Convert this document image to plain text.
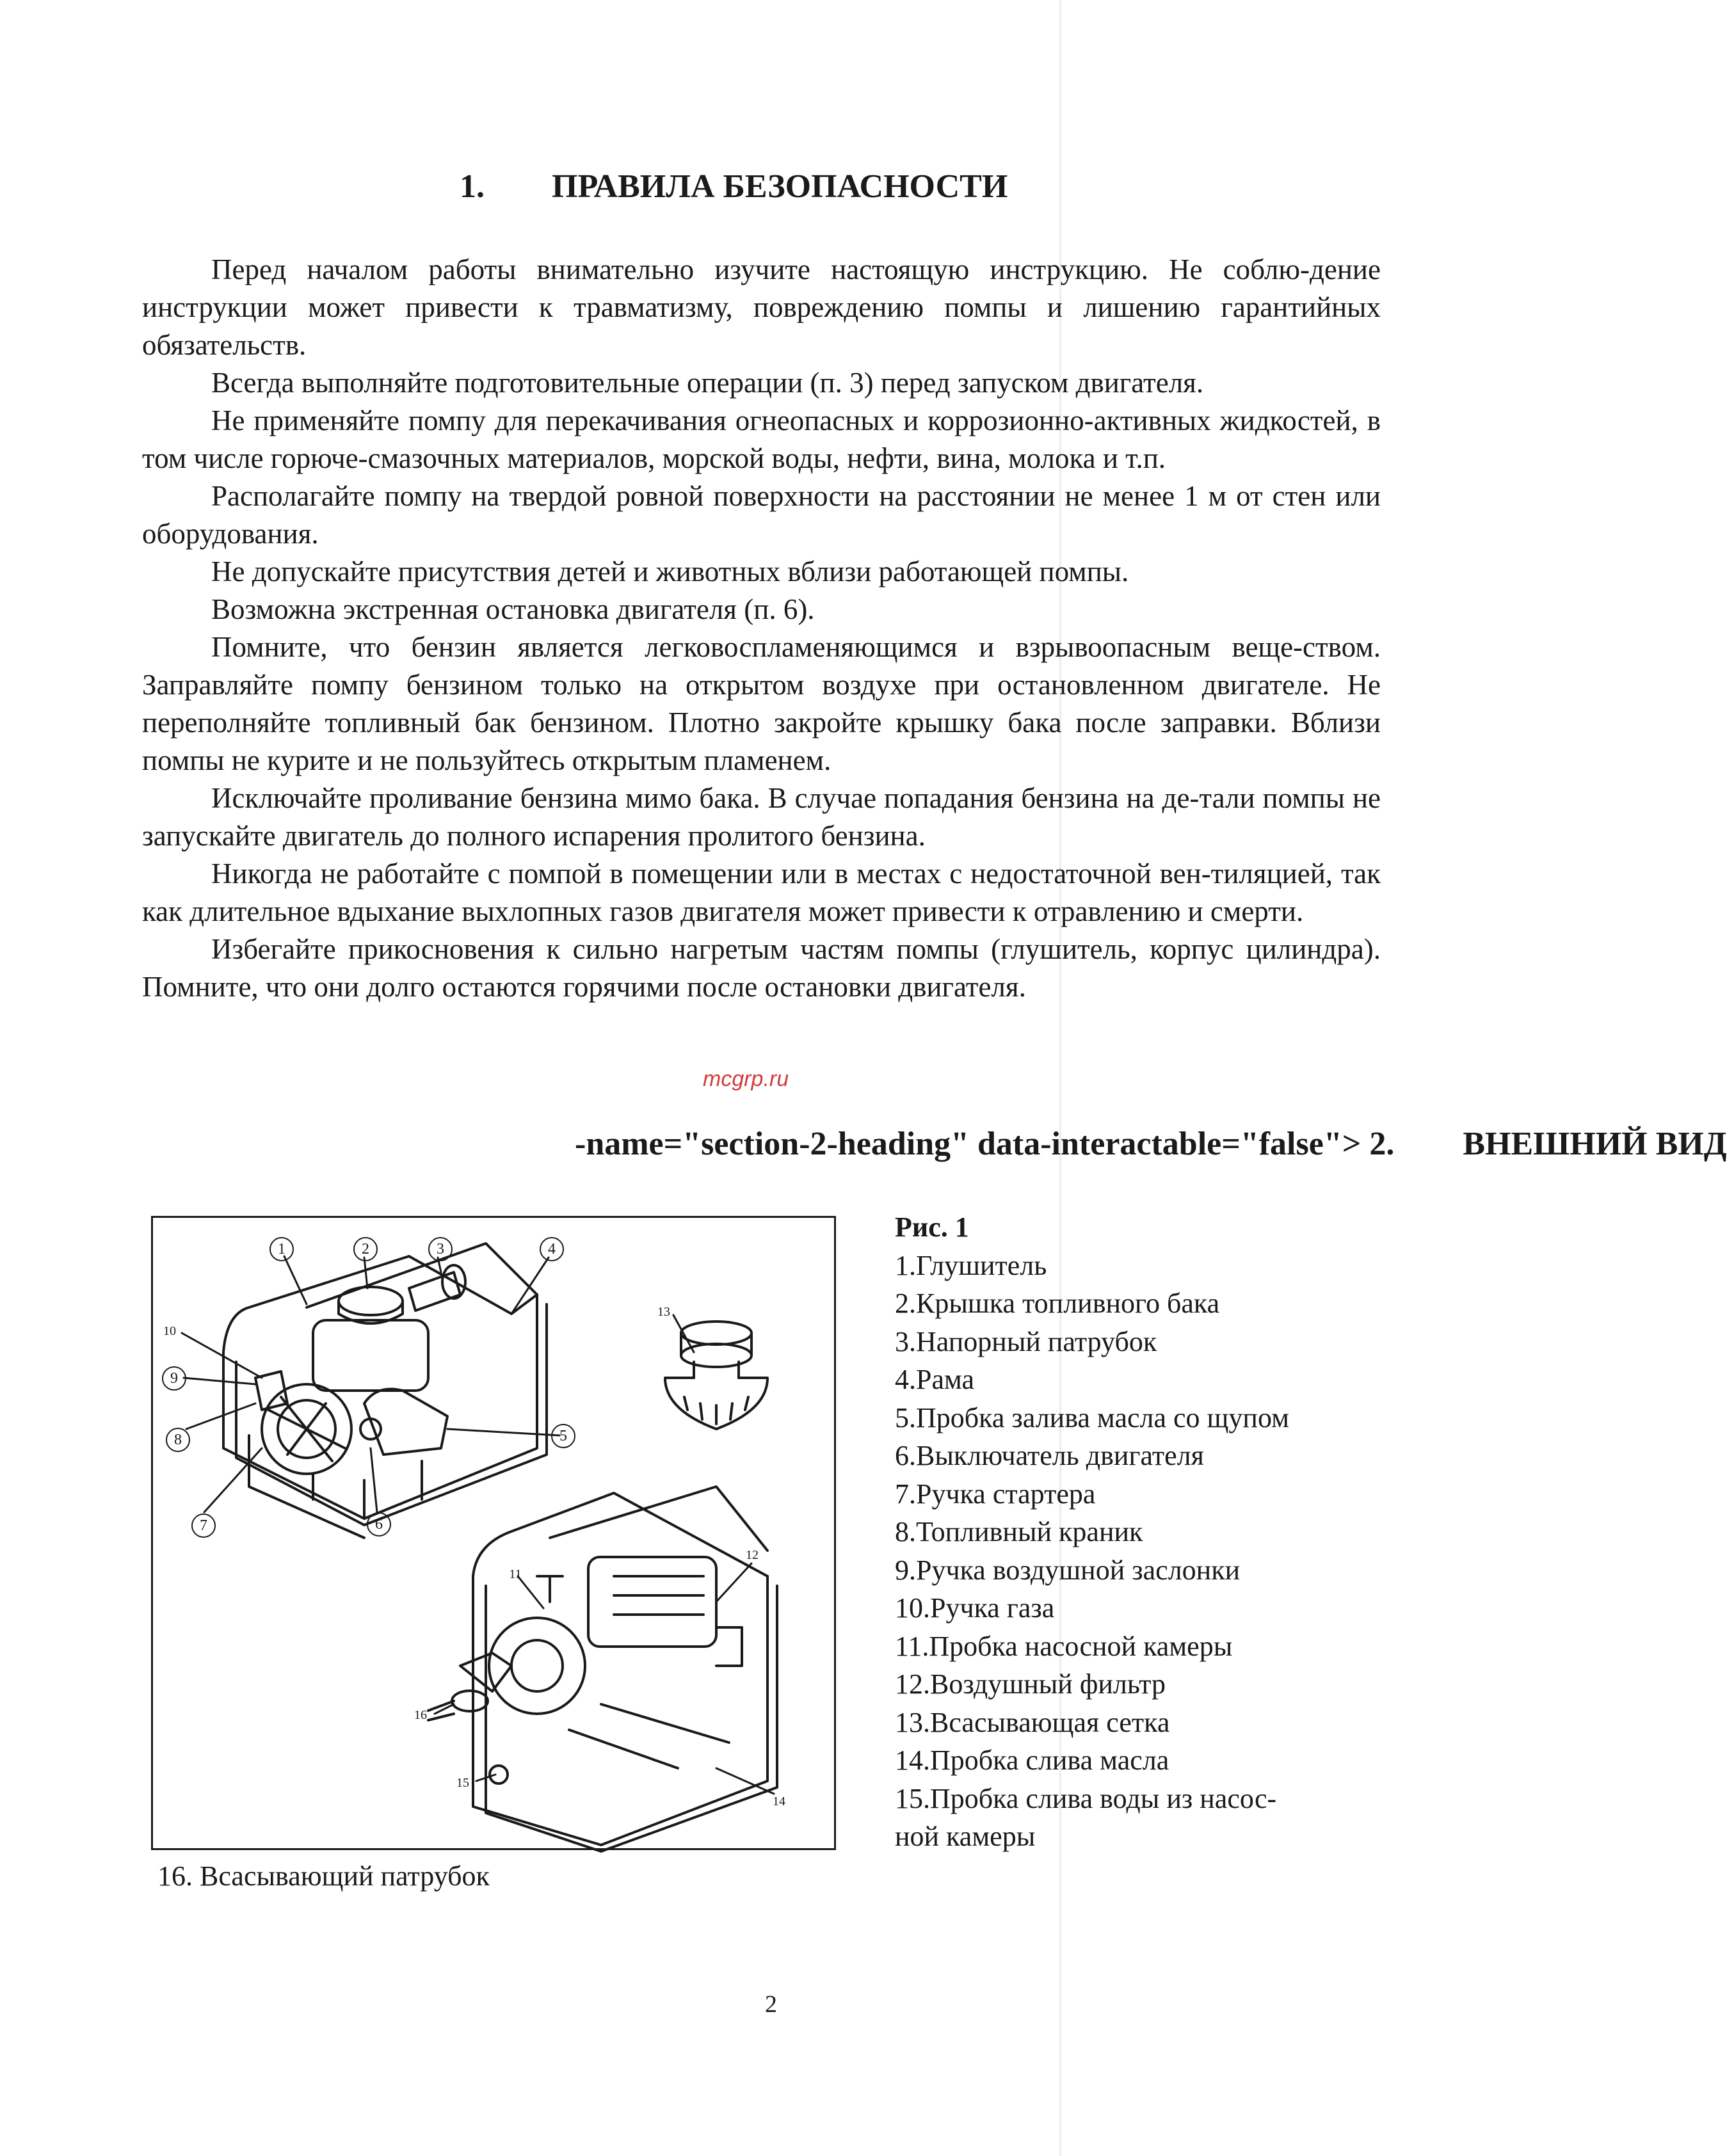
1. ПРАВИЛА БЕЗОПАСНОСТИ

Перед началом работы внимательно изучите настоящую инструкцию. Не соблю-дение инструкции может привести к травматизму, повреждению помпы и лишению гарантийных обязательств.

Всегда выполняйте подготовительные операции (п. 3) перед запуском двигателя.

Не применяйте помпу для перекачивания огнеопасных и коррозионно-активных жидкостей, в том числе горюче-смазочных материалов, морской воды, нефти, вина, молока и т.п.

Располагайте помпу на твердой ровной поверхности на расстоянии не менее 1 м от стен или оборудования.

Не допускайте присутствия детей и животных вблизи работающей помпы.

Возможна экстренная остановка двигателя (п. 6).

Помните, что бензин является легковоспламеняющимся и взрывоопасным веще-ством. Заправляйте помпу бензином только на открытом воздухе при остановленном двигателе. Не переполняйте топливный бак бензином. Плотно закройте крышку бака после заправки. Вблизи помпы не курите и не пользуйтесь открытым пламенем.

Исключайте проливание бензина мимо бака. В случае попадания бензина на де-тали помпы не запускайте двигатель до полного испарения пролитого бензина.

Никогда не работайте с помпой в помещении или в местах с недостаточной вен-тиляцией, так как длительное вдыхание выхлопных газов двигателя может привести к отравлению и смерти.

Избегайте прикосновения к сильно нагретым частям помпы (глушитель, корпус цилиндра). Помните, что они долго остаются горячими после остановки двигателя.

mcgrp.ru
-name="section-2-heading" data-interactable="false"> 2. ВНЕШНИЙ ВИД
1	2	3	4
5
6
7
8
9
10
11
12
13
14
15
16
Рис. 1
1.Глушитель
2.Крышка топливного бака
3.Напорный патрубок
4.Рама
5.Пробка залива масла со щупом
6.Выключатель двигателя
7.Ручка стартера
8.Топливный краник
9.Ручка воздушной заслонки
10.Ручка газа
11.Пробка насосной камеры
12.Воздушный фильтр
13.Всасывающая сетка
14.Пробка слива масла
15.Пробка слива воды из насос-
ной камеры
16. Всасывающий патрубок
2
